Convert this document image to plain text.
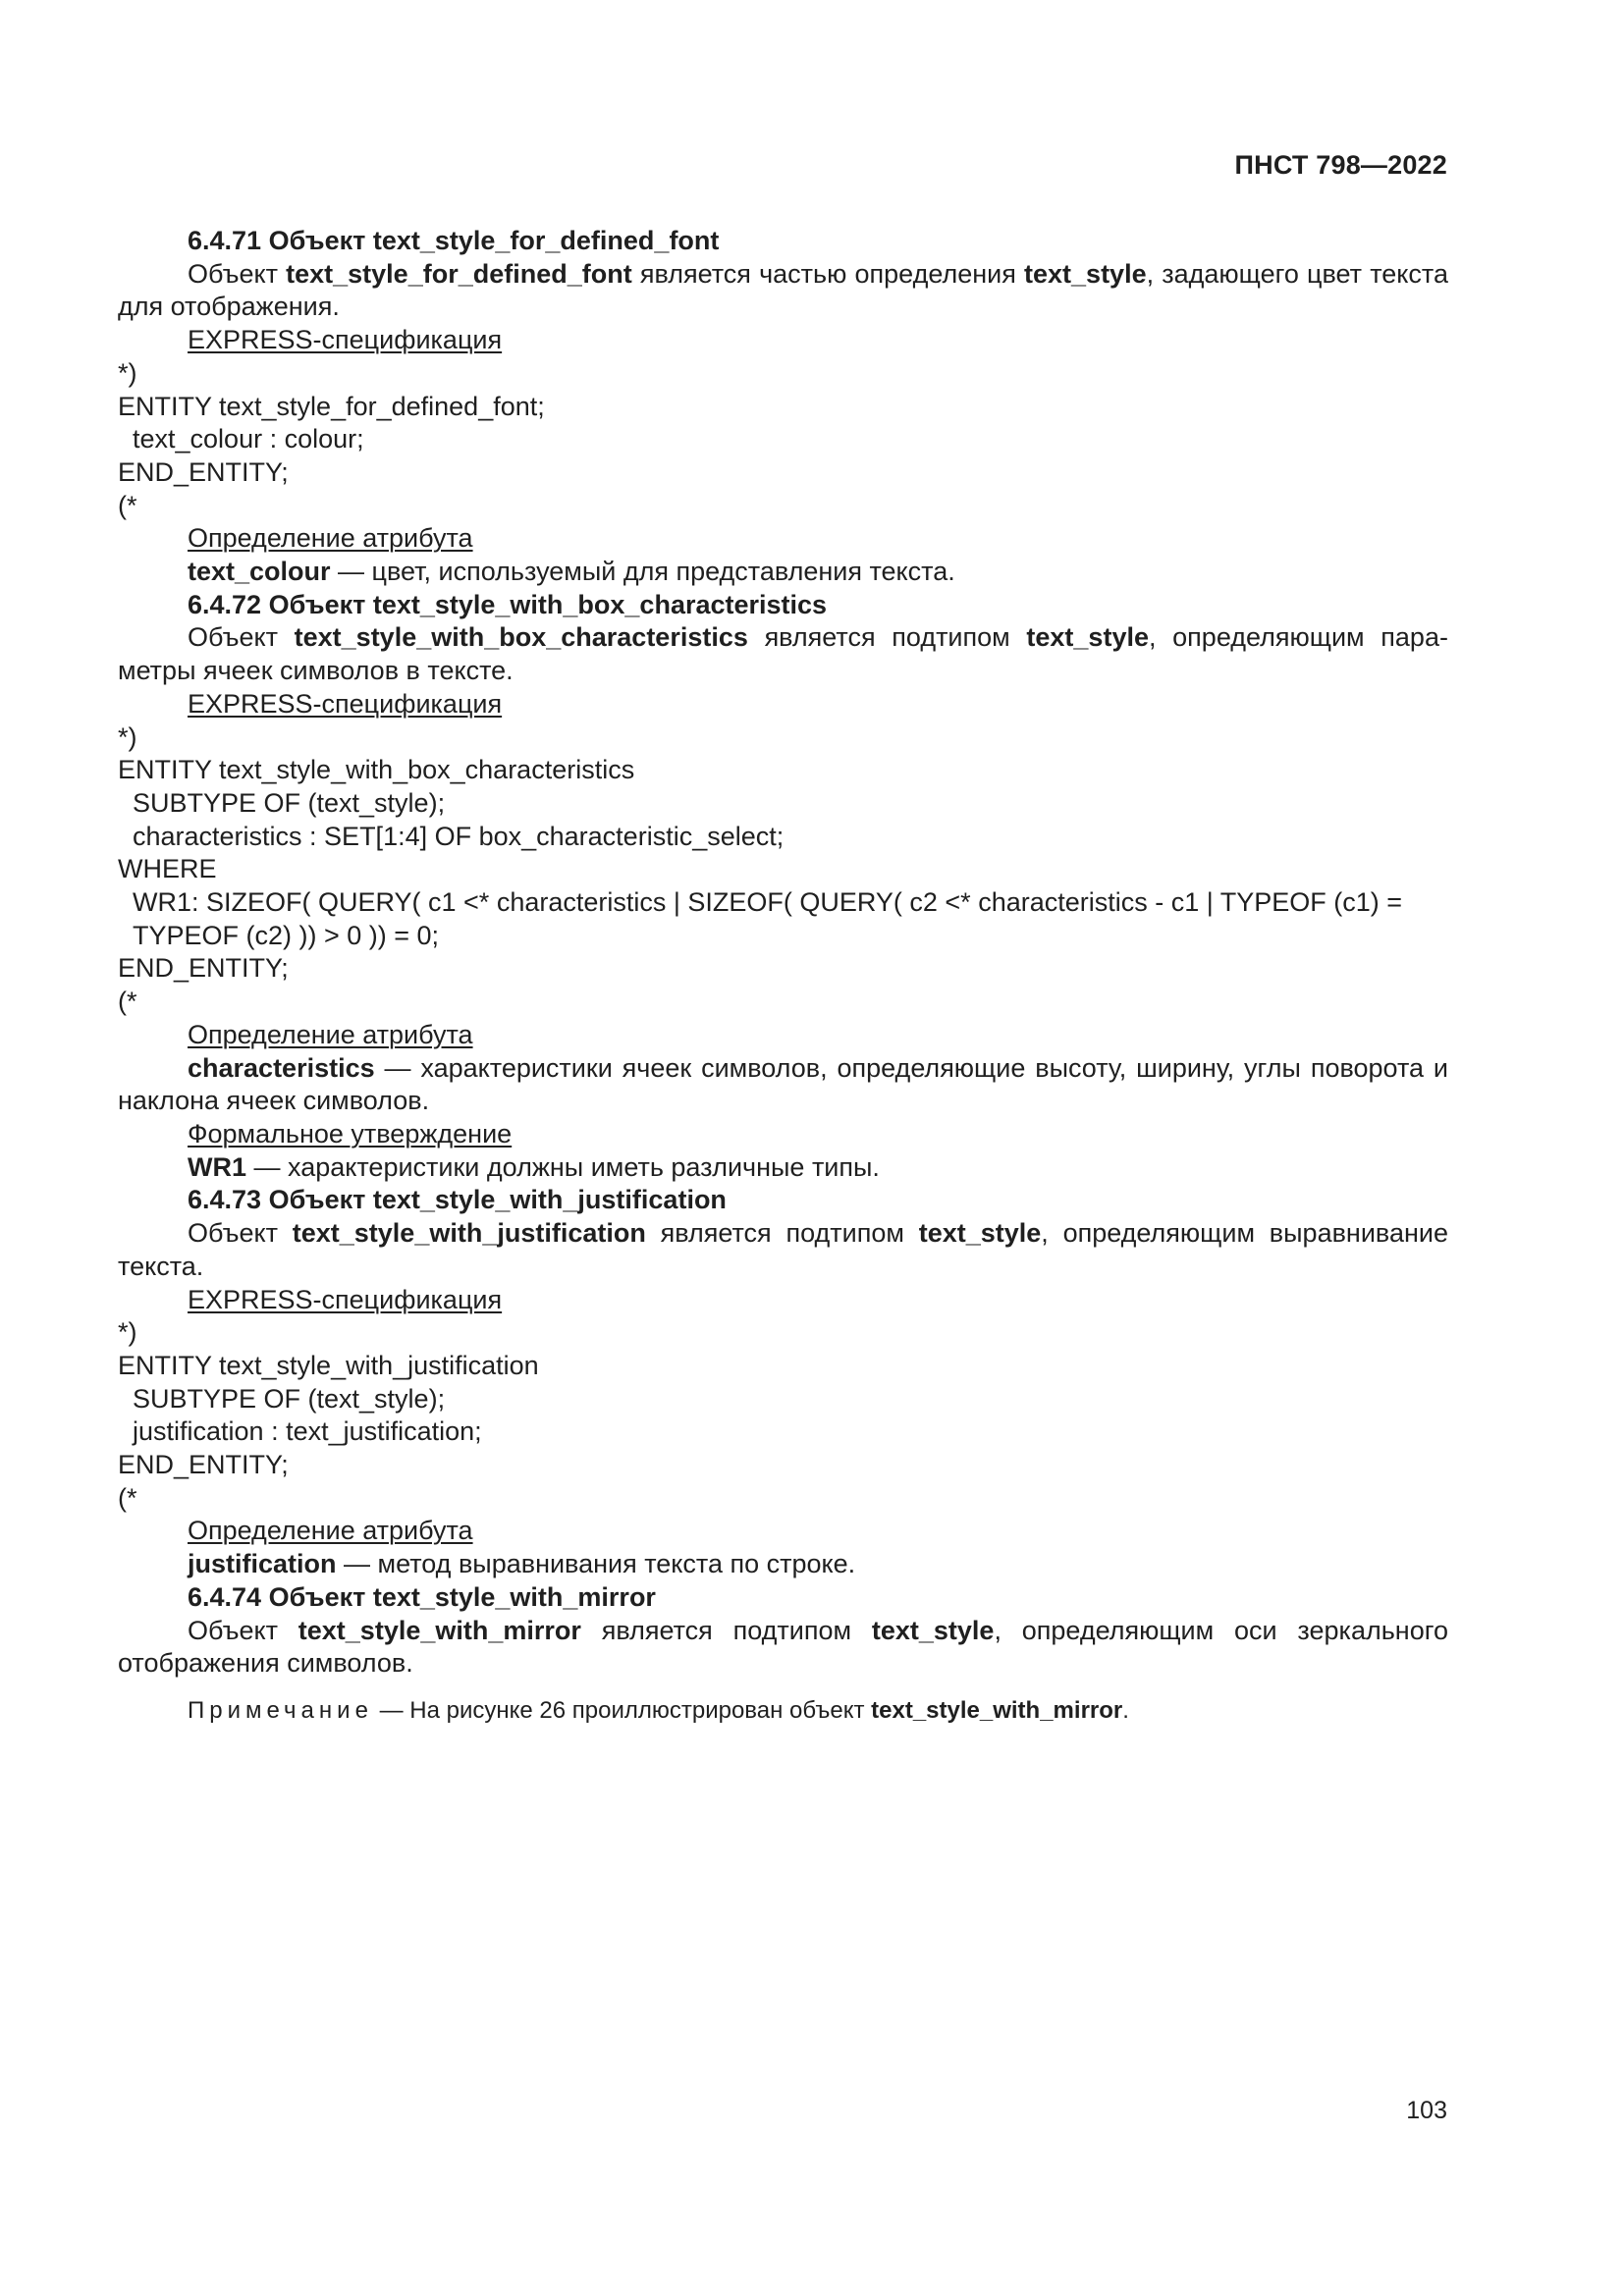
ПНСТ 798—2022
6.4.71 Объект text_style_for_defined_font
Объект text_style_for_defined_font является частью определения text_style, задающего цвет текста для отображения.
EXPRESS-спецификация
*)
ENTITY text_style_for_defined_font;
text_colour : colour;
END_ENTITY;
(*
Определение атрибута
text_colour — цвет, используемый для представления текста.
6.4.72 Объект text_style_with_box_characteristics
Объект text_style_with_box_characteristics является подтипом text_style, определяющим параметры ячеек символов в тексте.
EXPRESS-спецификация
*)
ENTITY text_style_with_box_characteristics
SUBTYPE OF (text_style);
characteristics : SET[1:4] OF box_characteristic_select;
WHERE
WR1: SIZEOF( QUERY( c1 <* characteristics | SIZEOF( QUERY( c2 <* characteristics - c1 | TYPEOF (c1) = TYPEOF (c2) )) > 0 )) = 0;
END_ENTITY;
(*
Определение атрибута
characteristics — характеристики ячеек символов, определяющие высоту, ширину, углы поворота и наклона ячеек символов.
Формальное утверждение
WR1 — характеристики должны иметь различные типы.
6.4.73 Объект text_style_with_justification
Объект text_style_with_justification является подтипом text_style, определяющим выравнивание текста.
EXPRESS-спецификация
*)
ENTITY text_style_with_justification
SUBTYPE OF (text_style);
justification : text_justification;
END_ENTITY;
(*
Определение атрибута
justification — метод выравнивания текста по строке.
6.4.74 Объект text_style_with_mirror
Объект text_style_with_mirror является подтипом text_style, определяющим оси зеркального отображения символов.
Примечание — На рисунке 26 проиллюстрирован объект text_style_with_mirror.
103
